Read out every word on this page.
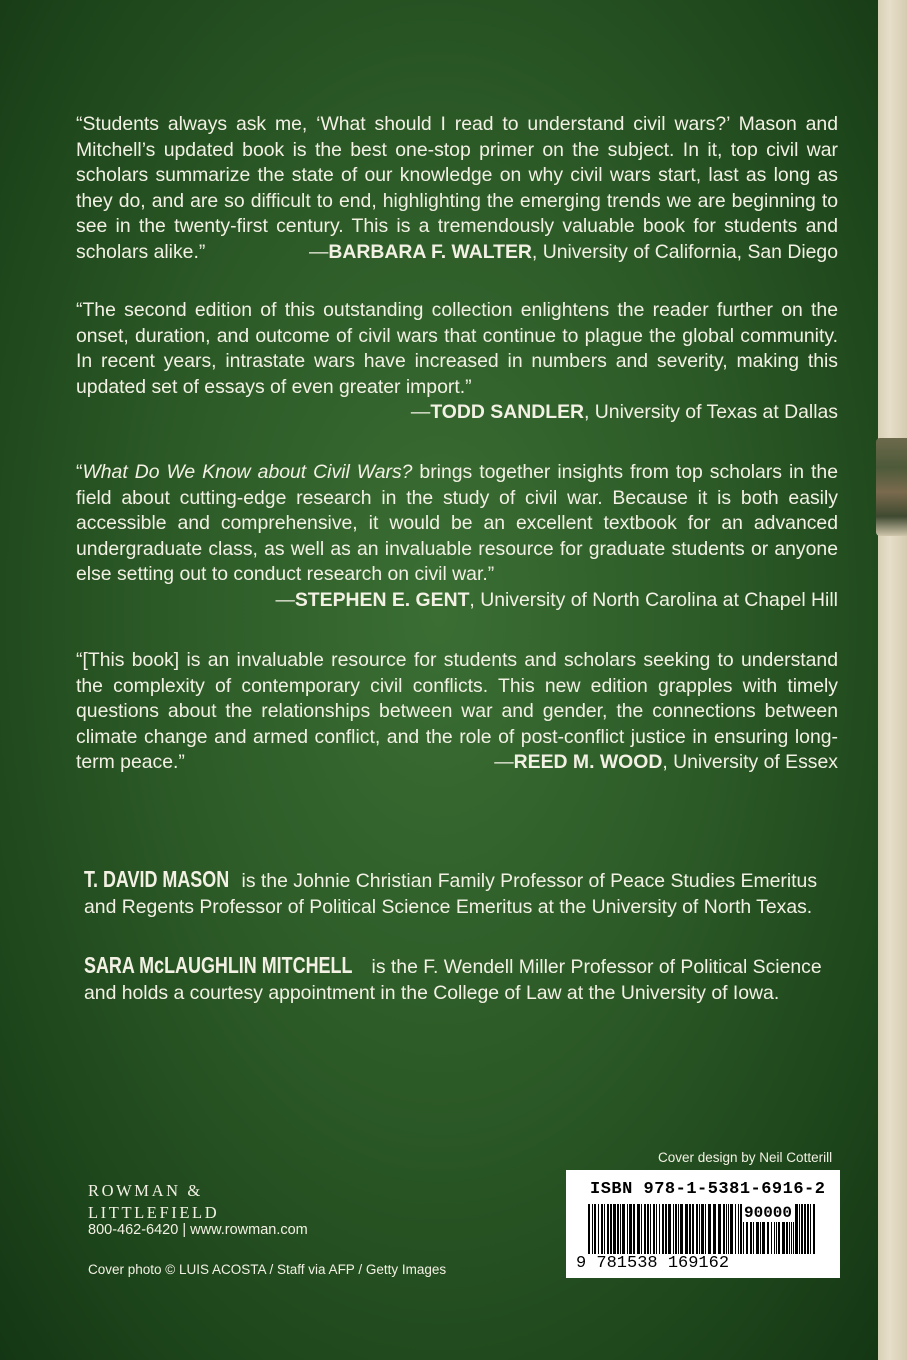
“Students always ask me, ‘What should I read to understand civil wars?’ Mason and Mitchell’s updated book is the best one-stop primer on the subject. In it, top civil war scholars summarize the state of our knowledge on why civil wars start, last as long as they do, and are so difficult to end, highlighting the emerging trends we are beginning to see in the twenty-first century. This is a tremendously valuable book for students and scholars alike.”	—BARBARA F. WALTER, University of California, San Diego

“The second edition of this outstanding collection enlightens the reader further on the onset, duration, and outcome of civil wars that continue to plague the global community. In recent years, intrastate wars have increased in numbers and severity, making this updated set of essays of even greater import.”

—TODD SANDLER, University of Texas at Dallas

“What Do We Know about Civil Wars? brings together insights from top scholars in the field about cutting-edge research in the study of civil war. Because it is both easily accessible and comprehensive, it would be an excellent textbook for an advanced undergraduate class, as well as an invaluable resource for graduate students or anyone else setting out to conduct research on civil war.”

—STEPHEN E. GENT, University of North Carolina at Chapel Hill

“[This book] is an invaluable resource for students and scholars seeking to understand the complexity of contemporary civil conflicts. This new edition grapples with timely questions about the relationships between war and gender, the connections between climate change and armed conflict, and the role of post-conflict justice in ensuring long-term peace.”	—REED M. WOOD, University of Essex

T. DAVID MASON is the Johnie Christian Family Professor of Peace Studies Emeritus and Regents Professor of Political Science Emeritus at the University of North Texas.
SARA McLAUGHLIN MITCHELL is the F. Wendell Miller Professor of Political Science and holds a courtesy appointment in the College of Law at the University of Iowa.
ROWMAN &
LITTLEFIELD
800-462-6420 | www.rowman.com
Cover photo © LUIS ACOSTA / Staff via AFP / Getty Images
Cover design by Neil Cotterill
ISBN 978-1-5381-6916-2
90000
9 781538 169162
